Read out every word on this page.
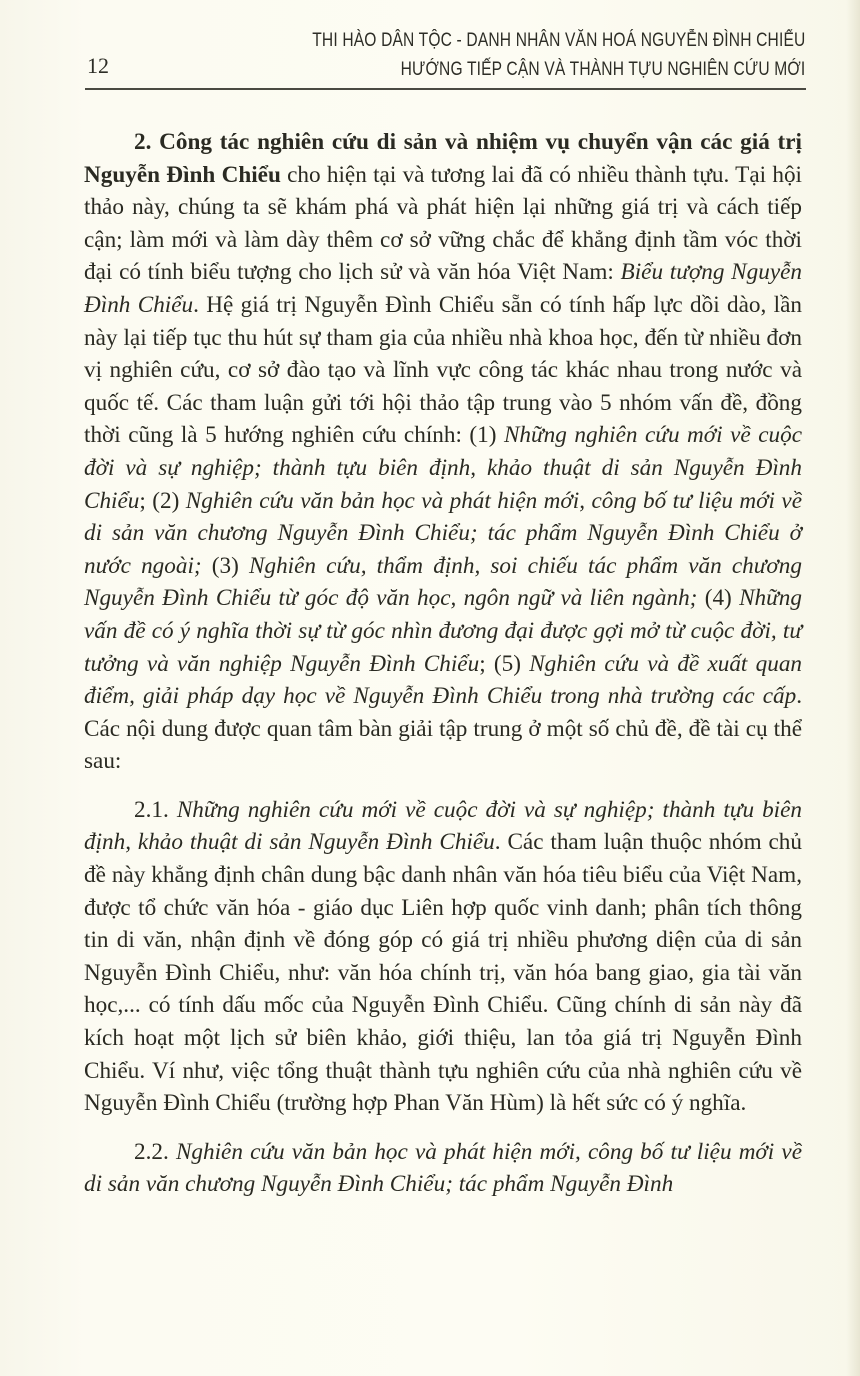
THI HÀO DÂN TỘC - DANH NHÂN VĂN HOÁ NGUYỄN ĐÌNH CHIỂU
HƯỚNG TIẾP CẬN VÀ THÀNH TỰU NGHIÊN CỨU MỚI
12

2. Công tác nghiên cứu di sản và nhiệm vụ chuyển vận các giá trị Nguyễn Đình Chiểu cho hiện tại và tương lai đã có nhiều thành tựu. Tại hội thảo này, chúng ta sẽ khám phá và phát hiện lại những giá trị và cách tiếp cận; làm mới và làm dày thêm cơ sở vững chắc để khẳng định tầm vóc thời đại có tính biểu tượng cho lịch sử và văn hóa Việt Nam: Biểu tượng Nguyễn Đình Chiểu. Hệ giá trị Nguyễn Đình Chiểu sẵn có tính hấp lực dồi dào, lần này lại tiếp tục thu hút sự tham gia của nhiều nhà khoa học, đến từ nhiều đơn vị nghiên cứu, cơ sở đào tạo và lĩnh vực công tác khác nhau trong nước và quốc tế. Các tham luận gửi tới hội thảo tập trung vào 5 nhóm vấn đề, đồng thời cũng là 5 hướng nghiên cứu chính: (1) Những nghiên cứu mới về cuộc đời và sự nghiệp; thành tựu biên định, khảo thuật di sản Nguyễn Đình Chiểu; (2) Nghiên cứu văn bản học và phát hiện mới, công bố tư liệu mới về di sản văn chương Nguyễn Đình Chiểu; tác phẩm Nguyễn Đình Chiểu ở nước ngoài; (3) Nghiên cứu, thẩm định, soi chiếu tác phẩm văn chương Nguyễn Đình Chiểu từ góc độ văn học, ngôn ngữ và liên ngành; (4) Những vấn đề có ý nghĩa thời sự từ góc nhìn đương đại được gợi mở từ cuộc đời, tư tưởng và văn nghiệp Nguyễn Đình Chiểu; (5) Nghiên cứu và đề xuất quan điểm, giải pháp dạy học về Nguyễn Đình Chiểu trong nhà trường các cấp. Các nội dung được quan tâm bàn giải tập trung ở một số chủ đề, đề tài cụ thể sau:

2.1. Những nghiên cứu mới về cuộc đời và sự nghiệp; thành tựu biên định, khảo thuật di sản Nguyễn Đình Chiểu. Các tham luận thuộc nhóm chủ đề này khẳng định chân dung bậc danh nhân văn hóa tiêu biểu của Việt Nam, được tổ chức văn hóa - giáo dục Liên hợp quốc vinh danh; phân tích thông tin di văn, nhận định về đóng góp có giá trị nhiều phương diện của di sản Nguyễn Đình Chiểu, như: văn hóa chính trị, văn hóa bang giao, gia tài văn học,... có tính dấu mốc của Nguyễn Đình Chiểu. Cũng chính di sản này đã kích hoạt một lịch sử biên khảo, giới thiệu, lan tỏa giá trị Nguyễn Đình Chiểu. Ví như, việc tổng thuật thành tựu nghiên cứu của nhà nghiên cứu về Nguyễn Đình Chiểu (trường hợp Phan Văn Hùm) là hết sức có ý nghĩa.

2.2. Nghiên cứu văn bản học và phát hiện mới, công bố tư liệu mới về di sản văn chương Nguyễn Đình Chiểu; tác phẩm Nguyễn Đình
